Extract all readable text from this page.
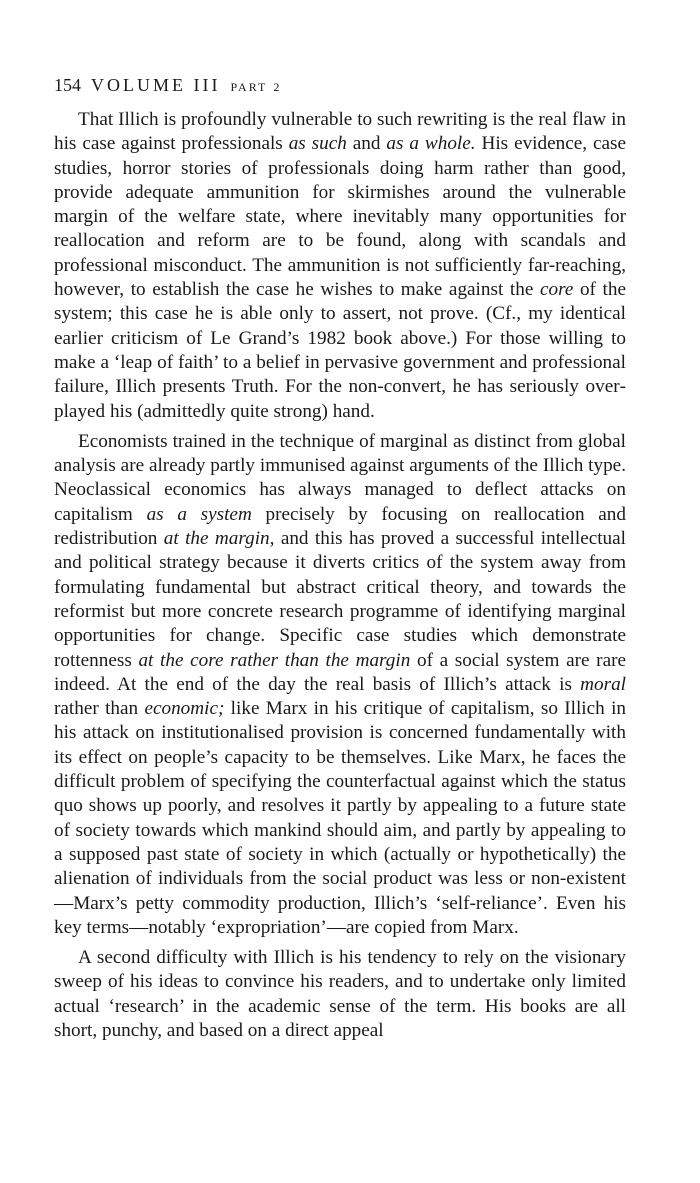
154 VOLUME III PART 2

That Illich is profoundly vulnerable to such rewriting is the real flaw in his case against professionals as such and as a whole. His evidence, case studies, horror stories of professionals doing harm rather than good, provide adequate ammunition for skirmishes around the vulnerable margin of the welfare state, where inevitably many opportunities for reallocation and reform are to be found, along with scandals and professional misconduct. The ammunition is not sufficiently far-reaching, however, to establish the case he wishes to make against the core of the system; this case he is able only to assert, not prove. (Cf., my identical earlier criticism of Le Grand’s 1982 book above.) For those willing to make a ‘leap of faith’ to a belief in pervasive government and professional failure, Illich presents Truth. For the non-convert, he has seriously overplayed his (admittedly quite strong) hand.

Economists trained in the technique of marginal as distinct from global analysis are already partly immunised against arguments of the Illich type. Neoclassical economics has always managed to deflect attacks on capitalism as a system precisely by focusing on reallocation and redistribution at the margin, and this has proved a successful intellectual and political strategy because it diverts critics of the system away from formulating fundamental but abstract critical theory, and towards the reformist but more concrete research programme of identifying marginal opportunities for change. Specific case studies which demonstrate rottenness at the core rather than the margin of a social system are rare indeed. At the end of the day the real basis of Illich’s attack is moral rather than economic; like Marx in his critique of capitalism, so Illich in his attack on institutionalised provision is concerned fundamentally with its effect on people’s capacity to be themselves. Like Marx, he faces the difficult problem of specifying the counterfactual against which the status quo shows up poorly, and resolves it partly by appealing to a future state of society towards which mankind should aim, and partly by appealing to a supposed past state of society in which (actually or hypothetically) the alienation of individuals from the social product was less or non-existent—Marx’s petty commodity production, Illich’s ‘self-reliance’. Even his key terms—notably ‘expropriation’—are copied from Marx.

A second difficulty with Illich is his tendency to rely on the visionary sweep of his ideas to convince his readers, and to undertake only limited actual ‘research’ in the academic sense of the term. His books are all short, punchy, and based on a direct appeal
